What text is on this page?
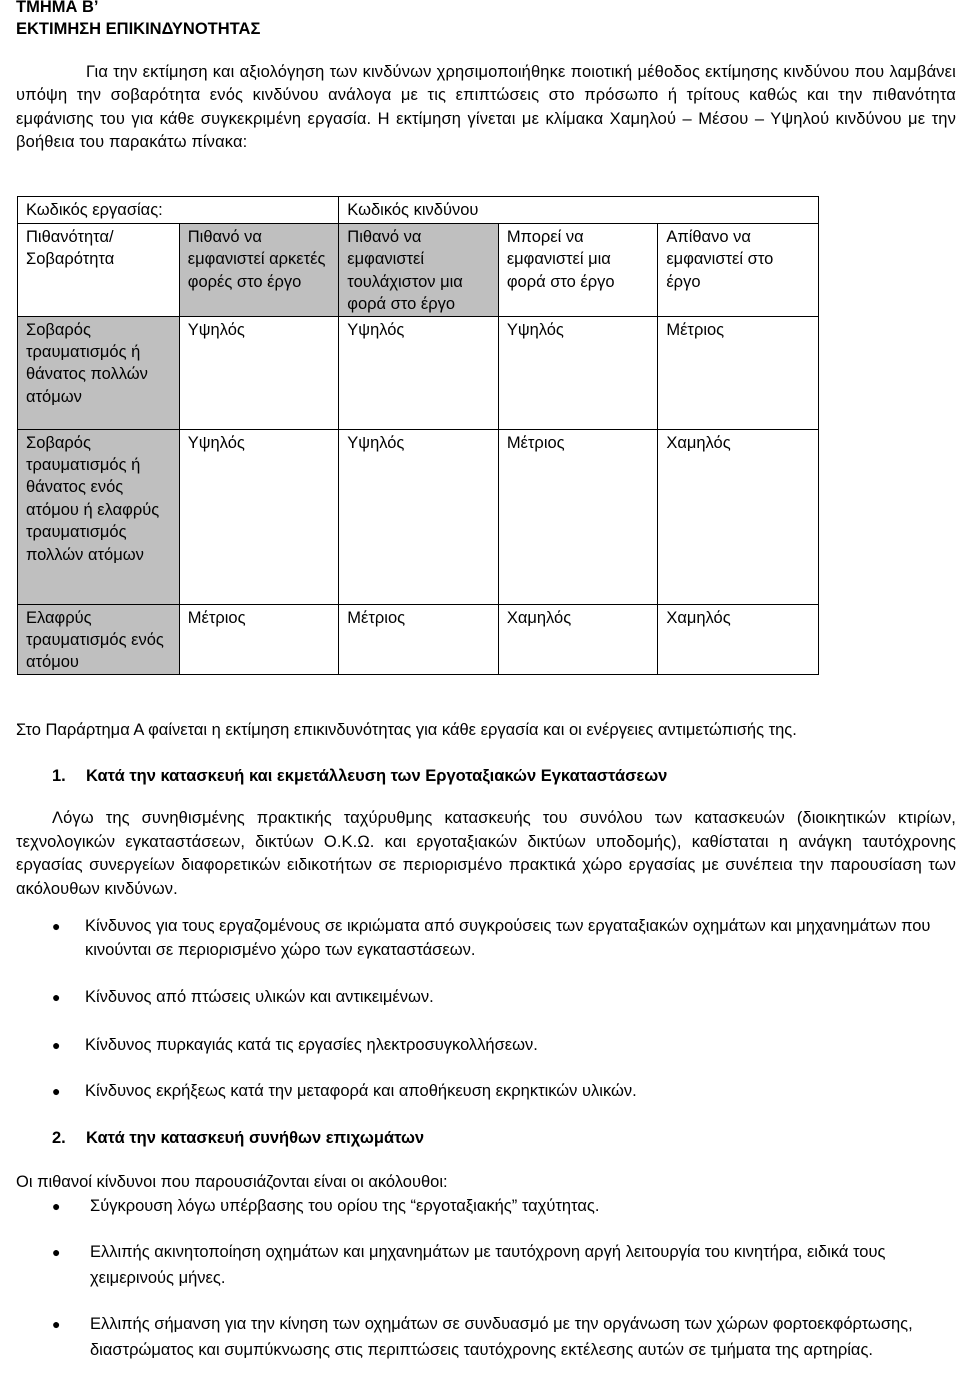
ΤΜΗΜΑ Β’
ΕΚΤΙΜΗΣΗ ΕΠΙΚΙΝΔΥΝΟΤΗΤΑΣ

Για την εκτίμηση και αξιολόγηση των κινδύνων χρησιμοποιήθηκε ποιοτική μέθοδος εκτίμησης κινδύνου που λαμβάνει υπόψη την σοβαρότητα ενός κινδύνου ανάλογα με τις επιπτώσεις στο πρόσωπο ή τρίτους καθώς και την πιθανότητα εμφάνισης του για κάθε συγκεκριμένη εργασία. Η εκτίμηση γίνεται με κλίμακα Χαμηλού – Μέσου – Υψηλού κινδύνου με την βοήθεια του παρακάτω πίνακα:

Κωδικός εργασίας:		Κωδικός κινδύνου		
Πιθανότητα/ Σοβαρότητα	Πιθανό να εμφανιστεί αρκετές φορές στο έργο	Πιθανό να εμφανιστεί τουλάχιστον μια φορά στο έργο	Μπορεί να εμφανιστεί μια φορά στο έργο	Απίθανο να εμφανιστεί στο έργο
Σοβαρός τραυματισμός ή θάνατος πολλών ατόμων	Υψηλός	Υψηλός	Υψηλός	Μέτριος
Σοβαρός τραυματισμός ή θάνατος ενός ατόμου ή ελαφρύς τραυματισμός πολλών ατόμων	Υψηλός	Υψηλός	Μέτριος	Χαμηλός
Ελαφρύς τραυματισμός ενός ατόμου	Μέτριος	Μέτριος	Χαμηλός	Χαμηλός
Στο Παράρτημα Α φαίνεται η εκτίμηση επικινδυνότητας για κάθε εργασία και οι ενέργειες αντιμετώπισής της.
1. Κατά την κατασκευή και εκμετάλλευση των Εργοταξιακών Εγκαταστάσεων
Λόγω της συνηθισμένης πρακτικής ταχύρυθμης κατασκευής του συνόλου των κατασκευών (διοικητικών κτιρίων, τεχνολογικών εγκαταστάσεων, δικτύων Ο.Κ.Ω. και εργοταξιακών δικτύων υποδομής), καθίσταται η ανάγκη ταυτόχρονης εργασίας συνεργείων διαφορετικών ειδικοτήτων σε περιορισμένο πρακτικά χώρο εργασίας με συνέπεια την παρουσίαση των ακόλουθων κινδύνων.
● Κίνδυνος για τους εργαζομένους σε ικριώματα από συγκρούσεις των εργαταξιακών οχημάτων και μηχανημάτων που κινούνται σε περιορισμένο χώρο των εγκαταστάσεων.
● Κίνδυνος από πτώσεις υλικών και αντικειμένων.
● Κίνδυνος πυρκαγιάς κατά τις εργασίες ηλεκτροσυγκολλήσεων.
● Κίνδυνος εκρήξεως κατά την μεταφορά και αποθήκευση εκρηκτικών υλικών.
2. Κατά την κατασκευή συνήθων επιχωμάτων
Οι πιθανοί κίνδυνοι που παρουσιάζονται είναι οι ακόλουθοι:
● Σύγκρουση λόγω υπέρβασης του ορίου της “εργοταξιακής” ταχύτητας.
● Ελλιπής ακινητοποίηση οχημάτων και μηχανημάτων με ταυτόχρονη αργή λειτουργία του κινητήρα, ειδικά τους χειμερινούς μήνες.
● Ελλιπής σήμανση για την κίνηση των οχημάτων σε συνδυασμό με την οργάνωση των χώρων φορτοεκφόρτωσης, διαστρώματος και συμπύκνωσης στις περιπτώσεις ταυτόχρονης εκτέλεσης αυτών σε τμήματα της αρτηρίας.
